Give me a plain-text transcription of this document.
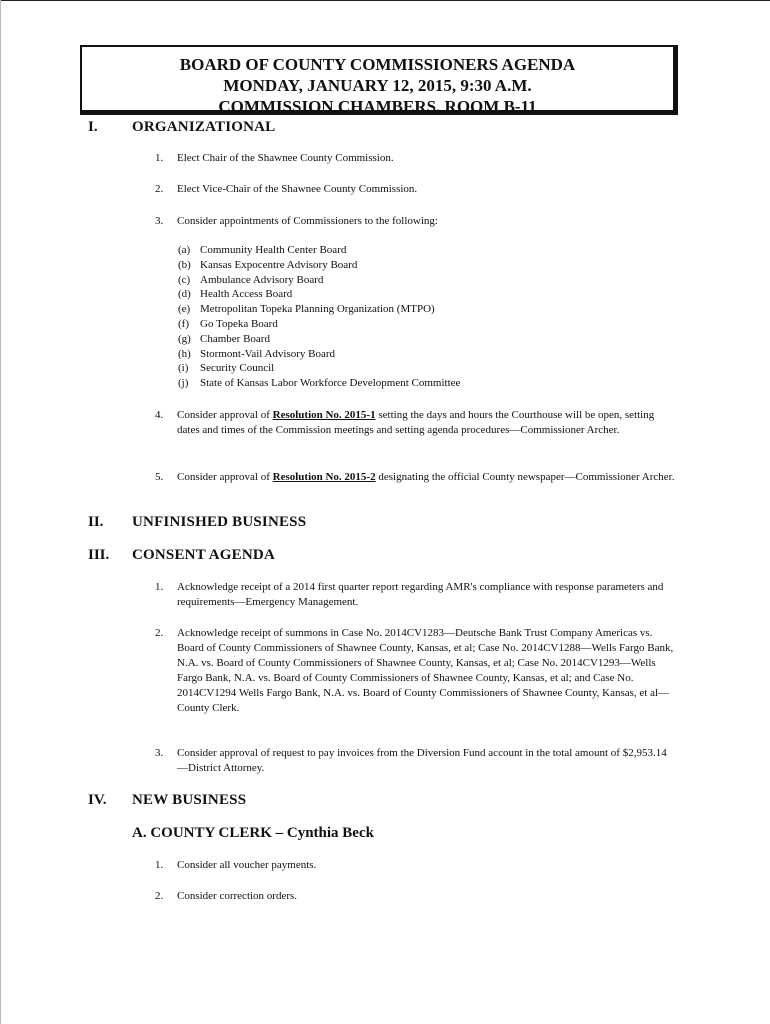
BOARD OF COUNTY COMMISSIONERS AGENDA
MONDAY, JANUARY 12, 2015, 9:30 A.M.
COMMISSION CHAMBERS, ROOM B-11
I. ORGANIZATIONAL
1. Elect Chair of the Shawnee County Commission.
2. Elect Vice-Chair of the Shawnee County Commission.
3. Consider appointments of Commissioners to the following:
(a) Community Health Center Board
(b) Kansas Expocentre Advisory Board
(c) Ambulance Advisory Board
(d) Health Access Board
(e) Metropolitan Topeka Planning Organization (MTPO)
(f)	Go Topeka Board
(g) Chamber Board
(h) Stormont-Vail Advisory Board
(i)	Security Council
(j)	State of Kansas Labor Workforce Development Committee
4. Consider approval of Resolution No. 2015-1 setting the days and hours the Courthouse will be open, setting dates and times of the Commission meetings and setting agenda procedures—Commissioner Archer.
5. Consider approval of Resolution No. 2015-2 designating the official County newspaper—Commissioner Archer.
II. UNFINISHED BUSINESS
III. CONSENT AGENDA
1. Acknowledge receipt of a 2014 first quarter report regarding AMR's compliance with response parameters and requirements—Emergency Management.
2. Acknowledge receipt of summons in Case No. 2014CV1283—Deutsche Bank Trust Company Americas vs. Board of County Commissioners of Shawnee County, Kansas, et al; Case No. 2014CV1288—Wells Fargo Bank, N.A. vs. Board of County Commissioners of Shawnee County, Kansas, et al; Case No. 2014CV1293—Wells Fargo Bank, N.A. vs. Board of County Commissioners of Shawnee County, Kansas, et al; and Case No. 2014CV1294 Wells Fargo Bank, N.A. vs. Board of County Commissioners of Shawnee County, Kansas, et al—County Clerk.
3. Consider approval of request to pay invoices from the Diversion Fund account in the total amount of $2,953.14—District Attorney.
IV. NEW BUSINESS
A. COUNTY CLERK – Cynthia Beck
1. Consider all voucher payments.
2. Consider correction orders.
